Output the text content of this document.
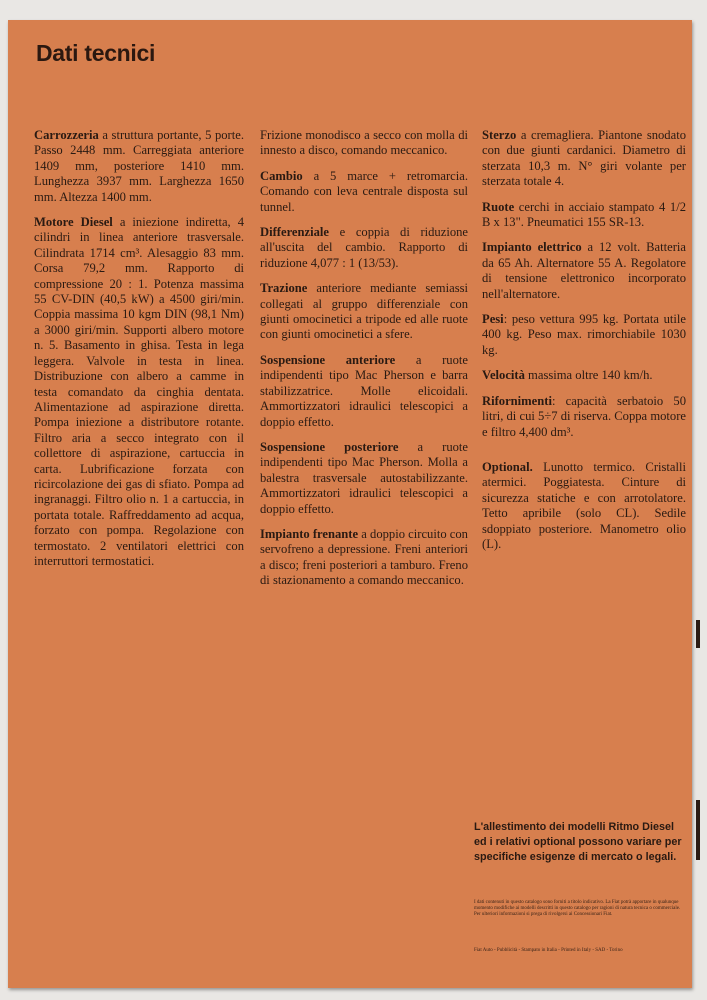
Dati tecnici

Carrozzeria a struttura portante, 5 porte. Passo 2448 mm. Carreggiata anteriore 1409 mm, posteriore 1410 mm. Lunghezza 3937 mm. Larghezza 1650 mm. Altezza 1400 mm.

Motore Diesel a iniezione indiretta, 4 cilindri in linea anteriore trasversale. Cilindrata 1714 cm³. Alesaggio 83 mm. Corsa 79,2 mm. Rapporto di compressione 20 : 1. Potenza massima 55 CV-DIN (40,5 kW) a 4500 giri/min. Coppia massima 10 kgm DIN (98,1 Nm) a 3000 giri/min. Supporti albero motore n. 5. Basamento in ghisa. Testa in lega leggera. Valvole in testa in linea. Distribuzione con albero a camme in testa comandato da cinghia dentata. Alimentazione ad aspirazione diretta. Pompa iniezione a distributore rotante. Filtro aria a secco integrato con il collettore di aspirazione, cartuccia in carta. Lubrificazione forzata con ricircolazione dei gas di sfiato. Pompa ad ingranaggi. Filtro olio n. 1 a cartuccia, in portata totale. Raffreddamento ad acqua, forzato con pompa. Regolazione con termostato. 2 ventilatori elettrici con interruttori termostatici.

Frizione monodisco a secco con molla di innesto a disco, comando meccanico.

Cambio a 5 marce + retromarcia. Comando con leva centrale disposta sul tunnel.

Differenziale e coppia di riduzione all'uscita del cambio. Rapporto di riduzione 4,077 : 1 (13/53).

Trazione anteriore mediante semiassi collegati al gruppo differenziale con giunti omocinetici a tripode ed alle ruote con giunti omocinetici a sfere.

Sospensione anteriore a ruote indipendenti tipo Mac Pherson e barra stabilizzatrice. Molle elicoidali. Ammortizzatori idraulici telescopici a doppio effetto.

Sospensione posteriore a ruote indipendenti tipo Mac Pherson. Molla a balestra trasversale autostabilizzante. Ammortizzatori idraulici telescopici a doppio effetto.

Impianto frenante a doppio circuito con servofreno a depressione. Freni anteriori a disco; freni posteriori a tamburo. Freno di stazionamento a comando meccanico.

Sterzo a cremagliera. Piantone snodato con due giunti cardanici. Diametro di sterzata 10,3 m. N° giri volante per sterzata totale 4.

Ruote cerchi in acciaio stampato 4 1/2 B x 13". Pneumatici 155 SR-13.

Impianto elettrico a 12 volt. Batteria da 65 Ah. Alternatore 55 A. Regolatore di tensione elettronico incorporato nell'alternatore.

Pesi: peso vettura 995 kg. Portata utile 400 kg. Peso max. rimorchiabile 1030 kg.

Velocità massima oltre 140 km/h.

Rifornimenti: capacità serbatoio 50 litri, di cui 5÷7 di riserva. Coppa motore e filtro 4,400 dm³.

Optional. Lunotto termico. Cristalli atermici. Poggiatesta. Cinture di sicurezza statiche e con arrotolatore. Tetto apribile (solo CL). Sedile sdoppiato posteriore. Manometro olio (L).

L'allestimento dei modelli Ritmo Diesel ed i relativi optional possono variare per specifiche esigenze di mercato o legali.
I dati contenuti in questo catalogo sono forniti a titolo indicativo. La Fiat potrà apportare in qualunque momento modifiche ai modelli descritti in questo catalogo per ragioni di natura tecnica o commerciale. Per ulteriori informazioni si prega di rivolgersi ai Concessionari Fiat.
Fiat Auto - Pubblicità - Stampato in Italia - Printed in Italy - SAD - Torino
